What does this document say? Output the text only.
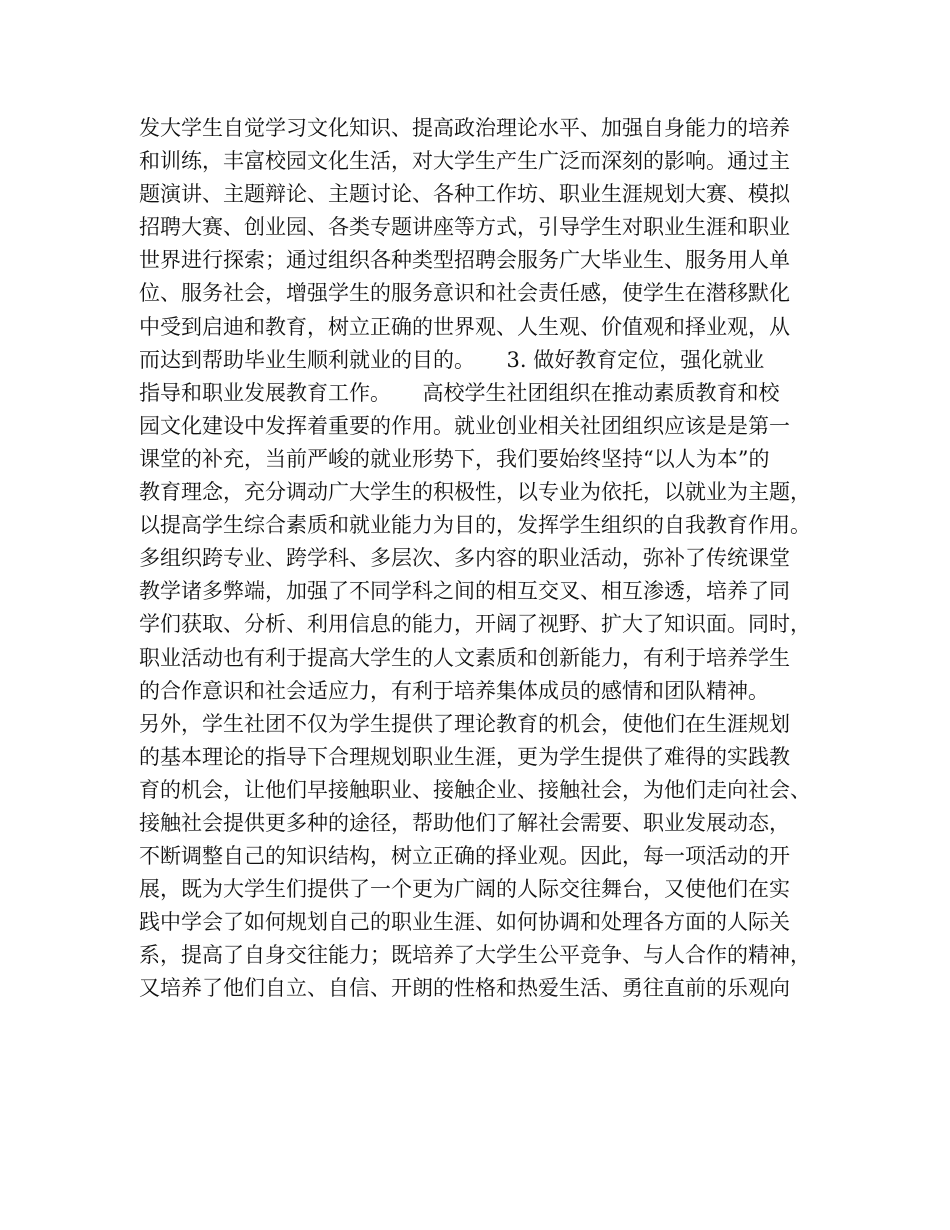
发大学生自觉学习文化知识、提高政治理论水平、加强自身能力的培养
和训练，丰富校园文化生活，对大学生产生广泛而深刻的影响。通过主
题演讲、主题辩论、主题讨论、各种工作坊、职业生涯规划大赛、模拟
招聘大赛、创业园、各类专题讲座等方式，引导学生对职业生涯和职业
世界进行探索；通过组织各种类型招聘会服务广大毕业生、服务用人单
位、服务社会，增强学生的服务意识和社会责任感，使学生在潜移默化
中受到启迪和教育，树立正确的世界观、人生观、价值观和择业观，从
而达到帮助毕业生顺利就业的目的。　　3. 做好教育定位，强化就业
指导和职业发展教育工作。　　高校学生社团组织在推动素质教育和校
园文化建设中发挥着重要的作用。就业创业相关社团组织应该是是第一
课堂的补充，当前严峻的就业形势下，我们要始终坚持“以人为本”的
教育理念，充分调动广大学生的积极性，以专业为依托，以就业为主题，
以提高学生综合素质和就业能力为目的，发挥学生组织的自我教育作用。
多组织跨专业、跨学科、多层次、多内容的职业活动，弥补了传统课堂
教学诸多弊端，加强了不同学科之间的相互交叉、相互渗透，培养了同
学们获取、分析、利用信息的能力，开阔了视野、扩大了知识面。同时，
职业活动也有利于提高大学生的人文素质和创新能力，有利于培养学生
的合作意识和社会适应力，有利于培养集体成员的感情和团队精神。
另外，学生社团不仅为学生提供了理论教育的机会，使他们在生涯规划
的基本理论的指导下合理规划职业生涯，更为学生提供了难得的实践教
育的机会，让他们早接触职业、接触企业、接触社会，为他们走向社会、
接触社会提供更多种的途径，帮助他们了解社会需要、职业发展动态，
不断调整自己的知识结构，树立正确的择业观。因此，每一项活动的开
展，既为大学生们提供了一个更为广阔的人际交往舞台，又使他们在实
践中学会了如何规划自己的职业生涯、如何协调和处理各方面的人际关
系，提高了自身交往能力；既培养了大学生公平竞争、与人合作的精神，
又培养了他们自立、自信、开朗的性格和热爱生活、勇往直前的乐观向
